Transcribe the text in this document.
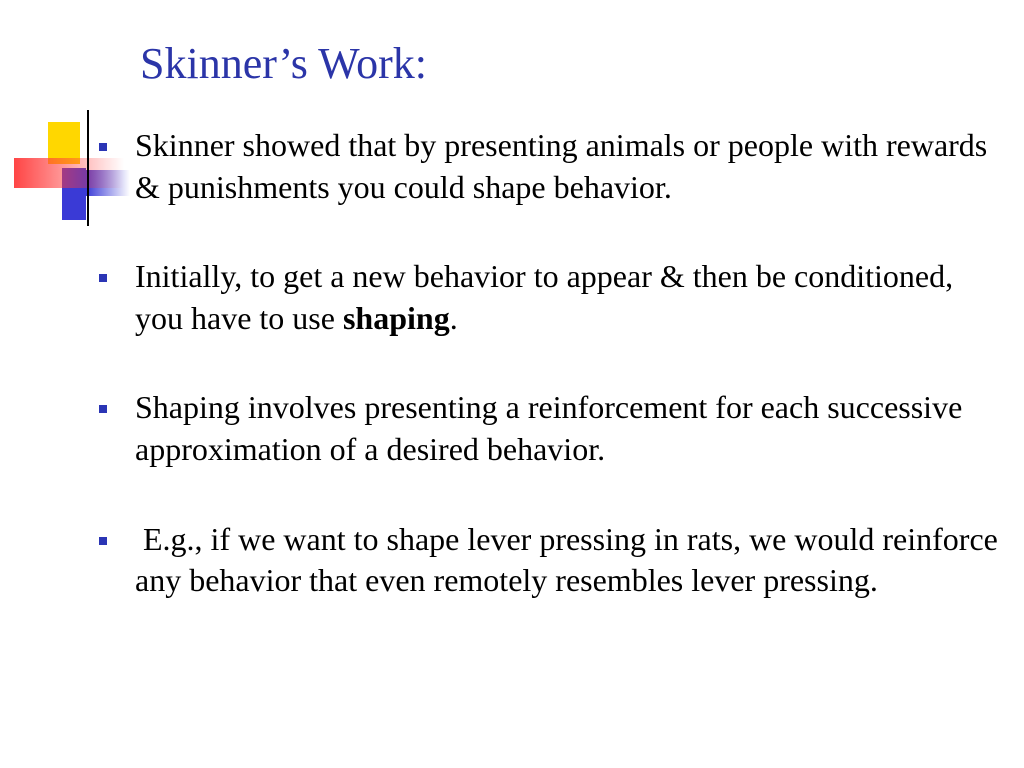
Skinner’s Work:
Skinner showed that by presenting animals or people with rewards & punishments you could shape behavior.
Initially, to get a new behavior to appear & then be conditioned, you have to use shaping.
Shaping involves presenting a reinforcement for each successive approximation of a desired behavior.
E.g., if we want to shape lever pressing in rats, we would reinforce any behavior that even remotely resembles lever pressing.
